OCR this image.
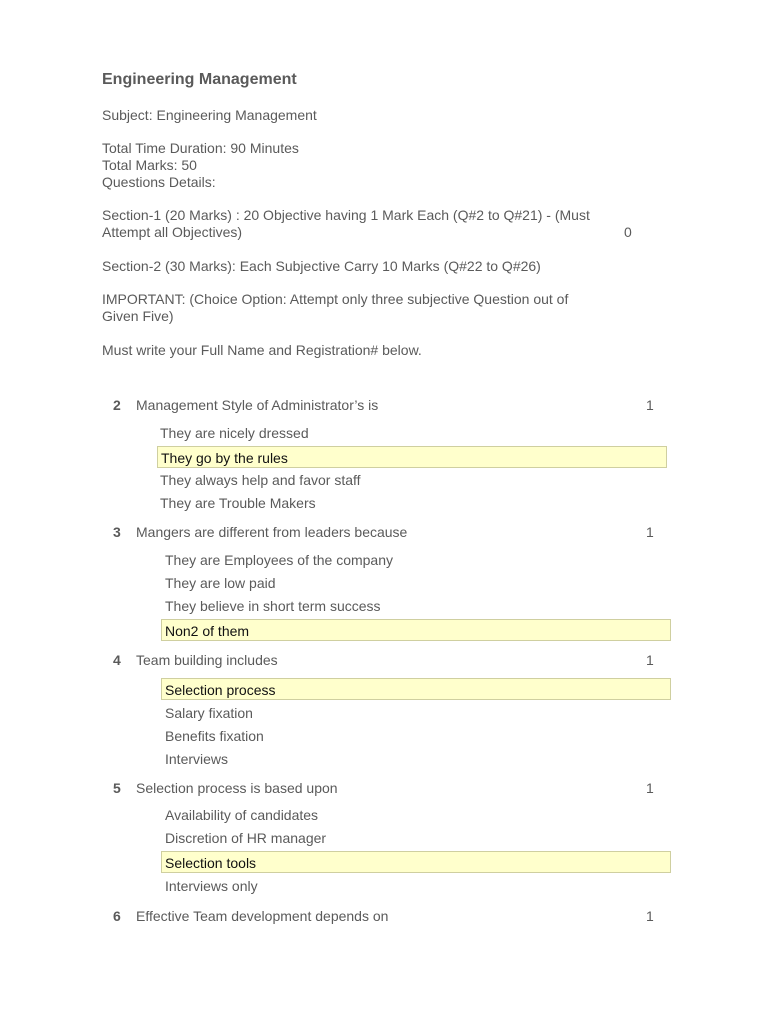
Engineering Management
Subject: Engineering Management
Total Time Duration: 90 Minutes
Total Marks: 50
Questions Details:
Section-1 (20 Marks) : 20 Objective having 1 Mark Each (Q#2 to Q#21) - (Must
Attempt all Objectives)	0
Section-2 (30 Marks): Each Subjective Carry 10 Marks (Q#22 to Q#26)
IMPORTANT: (Choice Option: Attempt only three subjective Question out of
Given Five)
Must write your Full Name and Registration# below.
2 Management Style of Administrator’s is	1
They are nicely dressed
They go by the rules
They always help and favor staff
They are Trouble Makers
3 Mangers are different from leaders because	1
They are Employees of the company
They are low paid
They believe in short term success
Non2 of them
4 Team building includes	1
Selection process
Salary fixation
Benefits fixation
Interviews
5 Selection process is based upon	1
Availability of candidates
Discretion of HR manager
Selection tools
Interviews only
6 Effective Team development depends on	1
